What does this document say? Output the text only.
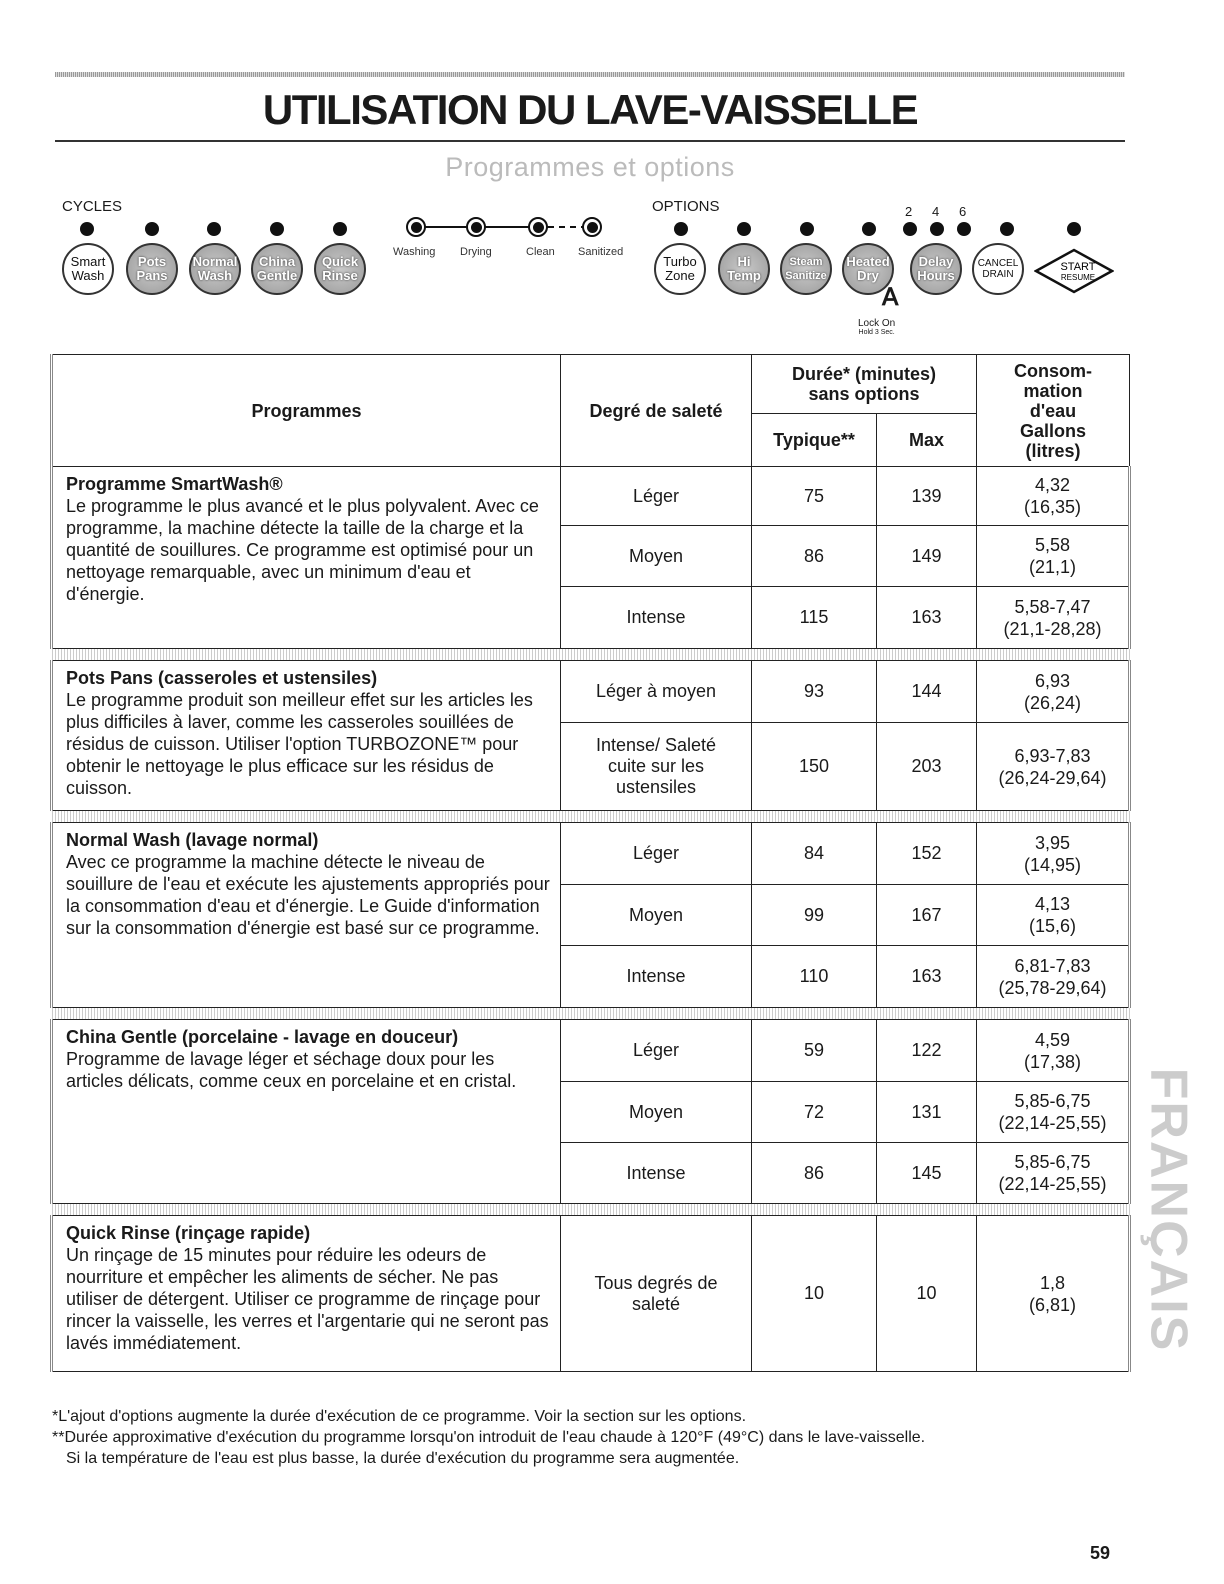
UTILISATION DU LAVE-VAISSELLE
Programmes et options
CYCLES	OPTIONS
Smart
Wash
Pots
Pans
Normal
Wash
China
Gentle
Quick
Rinse
Washing Drying	Clean Sanitized
2 4 6
Turbo
Zone
Hi
Temp
Steam
Sanitize
Heated
Dry
Delay
Hours
CANCEL
DRAIN
START
RESUME
𝖠
Lock On
Hold 3 Sec.
Programmes	Degré de saleté	Durée* (minutes) sans options		Consom- mation d'eau Gallons (litres)
		Typique**	Max	

Programme SmartWash®
Le programme le plus avancé et le plus polyvalent. Avec ce programme, la machine détecte la taille de la charge et la quantité de souillures. Ce programme est optimisé pour un nettoyage remarquable, avec un minimum d'eau et d'énergie.	Léger	75	139	4,32
(16,35)
	Moyen	86	149	5,58
(21,1)
	Intense	115	163	5,58-7,47
(21,1-28,28)

Pots Pans (casseroles et ustensiles)
Le programme produit son meilleur effet sur les articles les plus difficiles à laver, comme les casseroles souillées de résidus de cuisson. Utiliser l'option TURBOZONE™ pour obtenir le nettoyage le plus efficace sur les résidus de cuisson.	Léger à moyen	93	144	6,93
(26,24)
	Intense/ Saleté cuite sur les ustensiles	150	203	6,93-7,83
(26,24-29,64)

Normal Wash (lavage normal)
Avec ce programme la machine détecte le niveau de souillure de l'eau et exécute les ajustements appropriés pour la consommation d'eau et d'énergie. Le Guide d'information sur la consommation d'énergie est basé sur ce programme.	Léger	84	152	3,95
(14,95)
	Moyen	99	167	4,13
(15,6)
	Intense	110	163	6,81-7,83
(25,78-29,64)

China Gentle (porcelaine - lavage en douceur)
Programme de lavage léger et séchage doux pour les articles délicats, comme ceux en porcelaine et en cristal.	Léger	59	122	4,59
(17,38)
	Moyen	72	131	5,85-6,75
(22,14-25,55)
	Intense	86	145	5,85-6,75
(22,14-25,55)

Quick Rinse (rinçage rapide)
Un rinçage de 15 minutes pour réduire les odeurs de nourriture et empêcher les aliments de sécher. Ne pas utiliser de détergent. Utiliser ce programme de rinçage pour rincer la vaisselle, les verres et l'argentarie qui ne seront pas lavés immédiatement.	Tous degrés de saleté	10	10	1,8
(6,81)

*L'ajout d'options augmente la durée d'exécution de ce programme. Voir la section sur les options.

**Durée approximative d'exécution du programme lorsqu'on introduit de l'eau chaude à 120°F (49°C) dans le lave-vaisselle.

Si la température de l'eau est plus basse, la durée d'exécution du programme sera augmentée.

FRANÇAIS
59
